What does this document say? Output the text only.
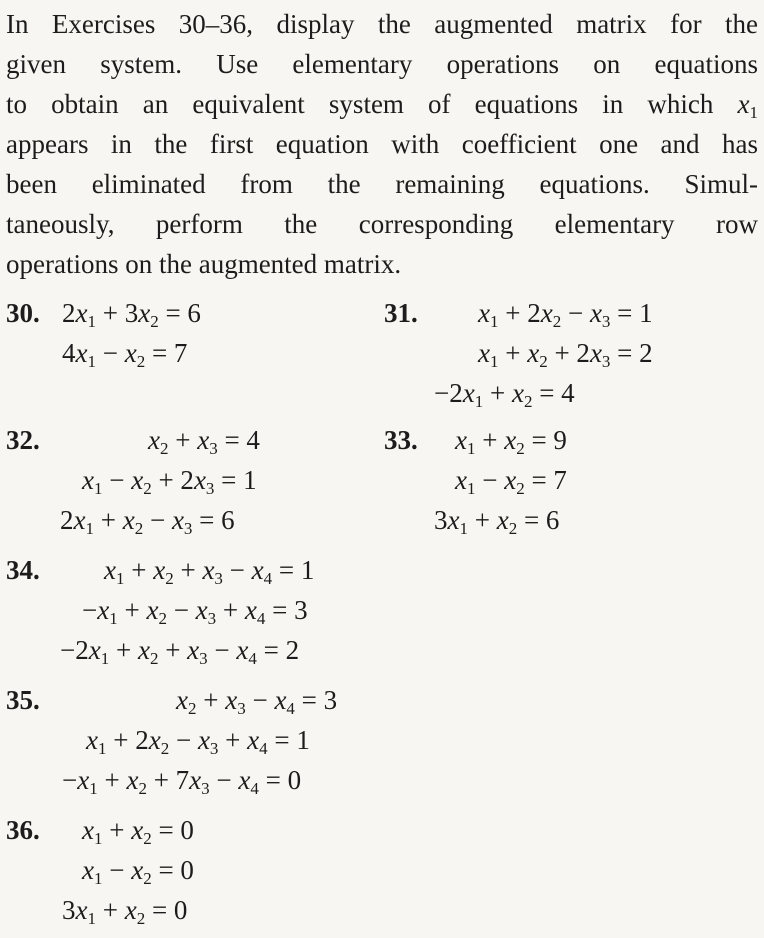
In Exercises 30–36, display the augmented matrix for the
given system. Use elementary operations on equations
to obtain an equivalent system of equations in which $x_1$
appears in the first equation with coefficient one and has
been eliminated from the remaining equations. Simul-
taneously, perform the corresponding elementary row
operations on the augmented matrix.
30. $2x_1 + 3x_2 = 6$
$4x_1 - x_2 = 7$
31. $x_1 + 2x_2 - x_3 = 1$
$x_1 + x_2 + 2x_3 = 2$
$-2x_1 + x_2 = 4$
32.	$x_2 + x_3 = 4$
$x_1 - x_2 + 2x_3 = 1$
$2x_1 + x_2 - x_3 = 6$
33. $x_1 + x_2 = 9$
$x_1 - x_2 = 7$
$3x_1 + x_2 = 6$
34. $x_1 + x_2 + x_3 - x_4 = 1$
$-x_1 + x_2 - x_3 + x_4 = 3$
$-2x_1 + x_2 + x_3 - x_4 = 2$
35.	$x_2 + x_3 - x_4 = 3$
$x_1 + 2x_2 - x_3 + x_4 = 1$
$-x_1 + x_2 + 7x_3 - x_4 = 0$
36. $x_1 + x_2 = 0$
$x_1 - x_2 = 0$
$3x_1 + x_2 = 0$
